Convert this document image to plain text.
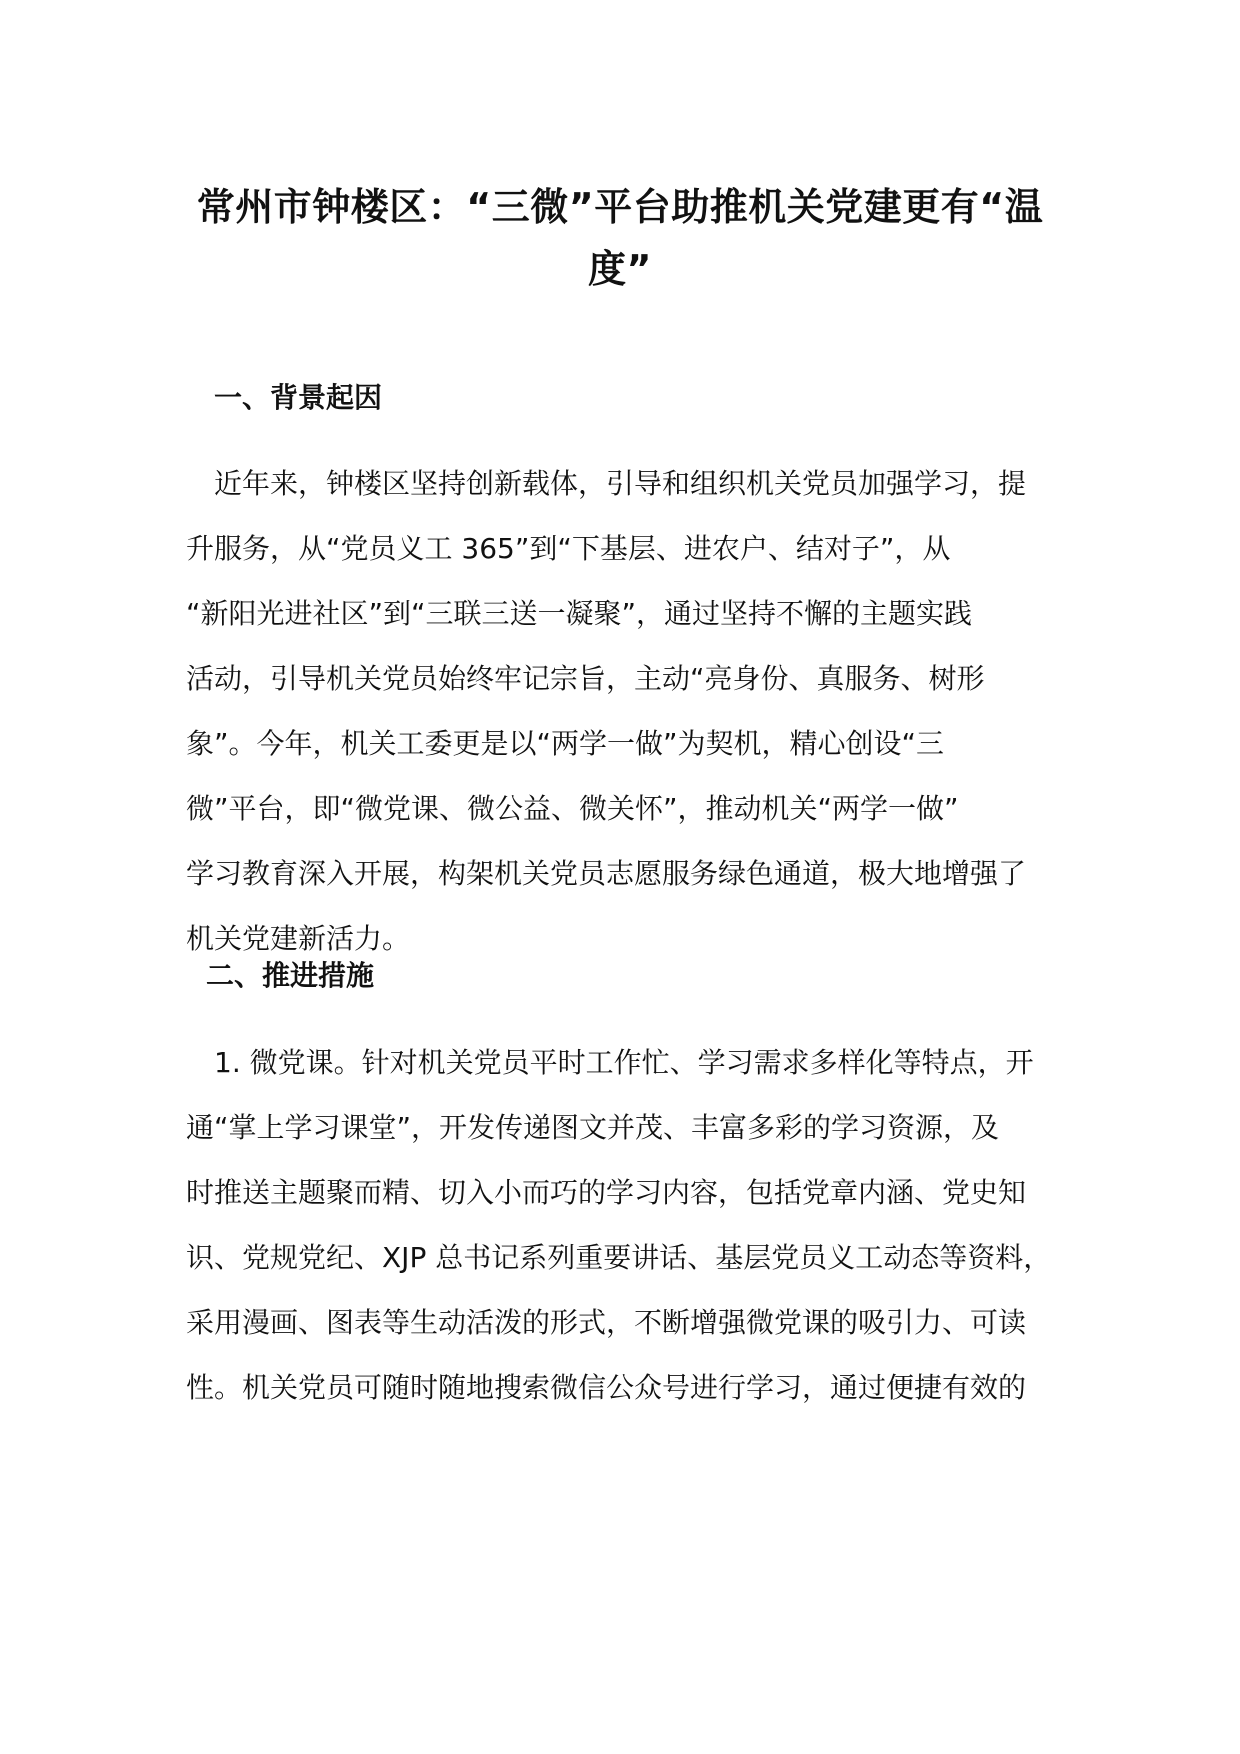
常州市钟楼区：“三微”平台助推机关党建更有“温
度”
一、背景起因
　近年来，钟楼区坚持创新载体，引导和组织机关党员加强学习，提
升服务，从“党员义工 365”到“下基层、进农户、结对子”，从
“新阳光进社区”到“三联三送一凝聚”，通过坚持不懈的主题实践
活动，引导机关党员始终牢记宗旨，主动“亮身份、真服务、树形
象”。今年，机关工委更是以“两学一做”为契机，精心创设“三
微”平台，即“微党课、微公益、微关怀”，推动机关“两学一做”
学习教育深入开展，构架机关党员志愿服务绿色通道，极大地增强了
机关党建新活力。
二、推进措施
　1. 微党课。针对机关党员平时工作忙、学习需求多样化等特点，开
通“掌上学习课堂”，开发传递图文并茂、丰富多彩的学习资源，及
时推送主题聚而精、切入小而巧的学习内容，包括党章内涵、党史知
识、党规党纪、XJP 总书记系列重要讲话、基层党员义工动态等资料，
采用漫画、图表等生动活泼的形式，不断增强微党课的吸引力、可读
性。机关党员可随时随地搜索微信公众号进行学习，通过便捷有效的
